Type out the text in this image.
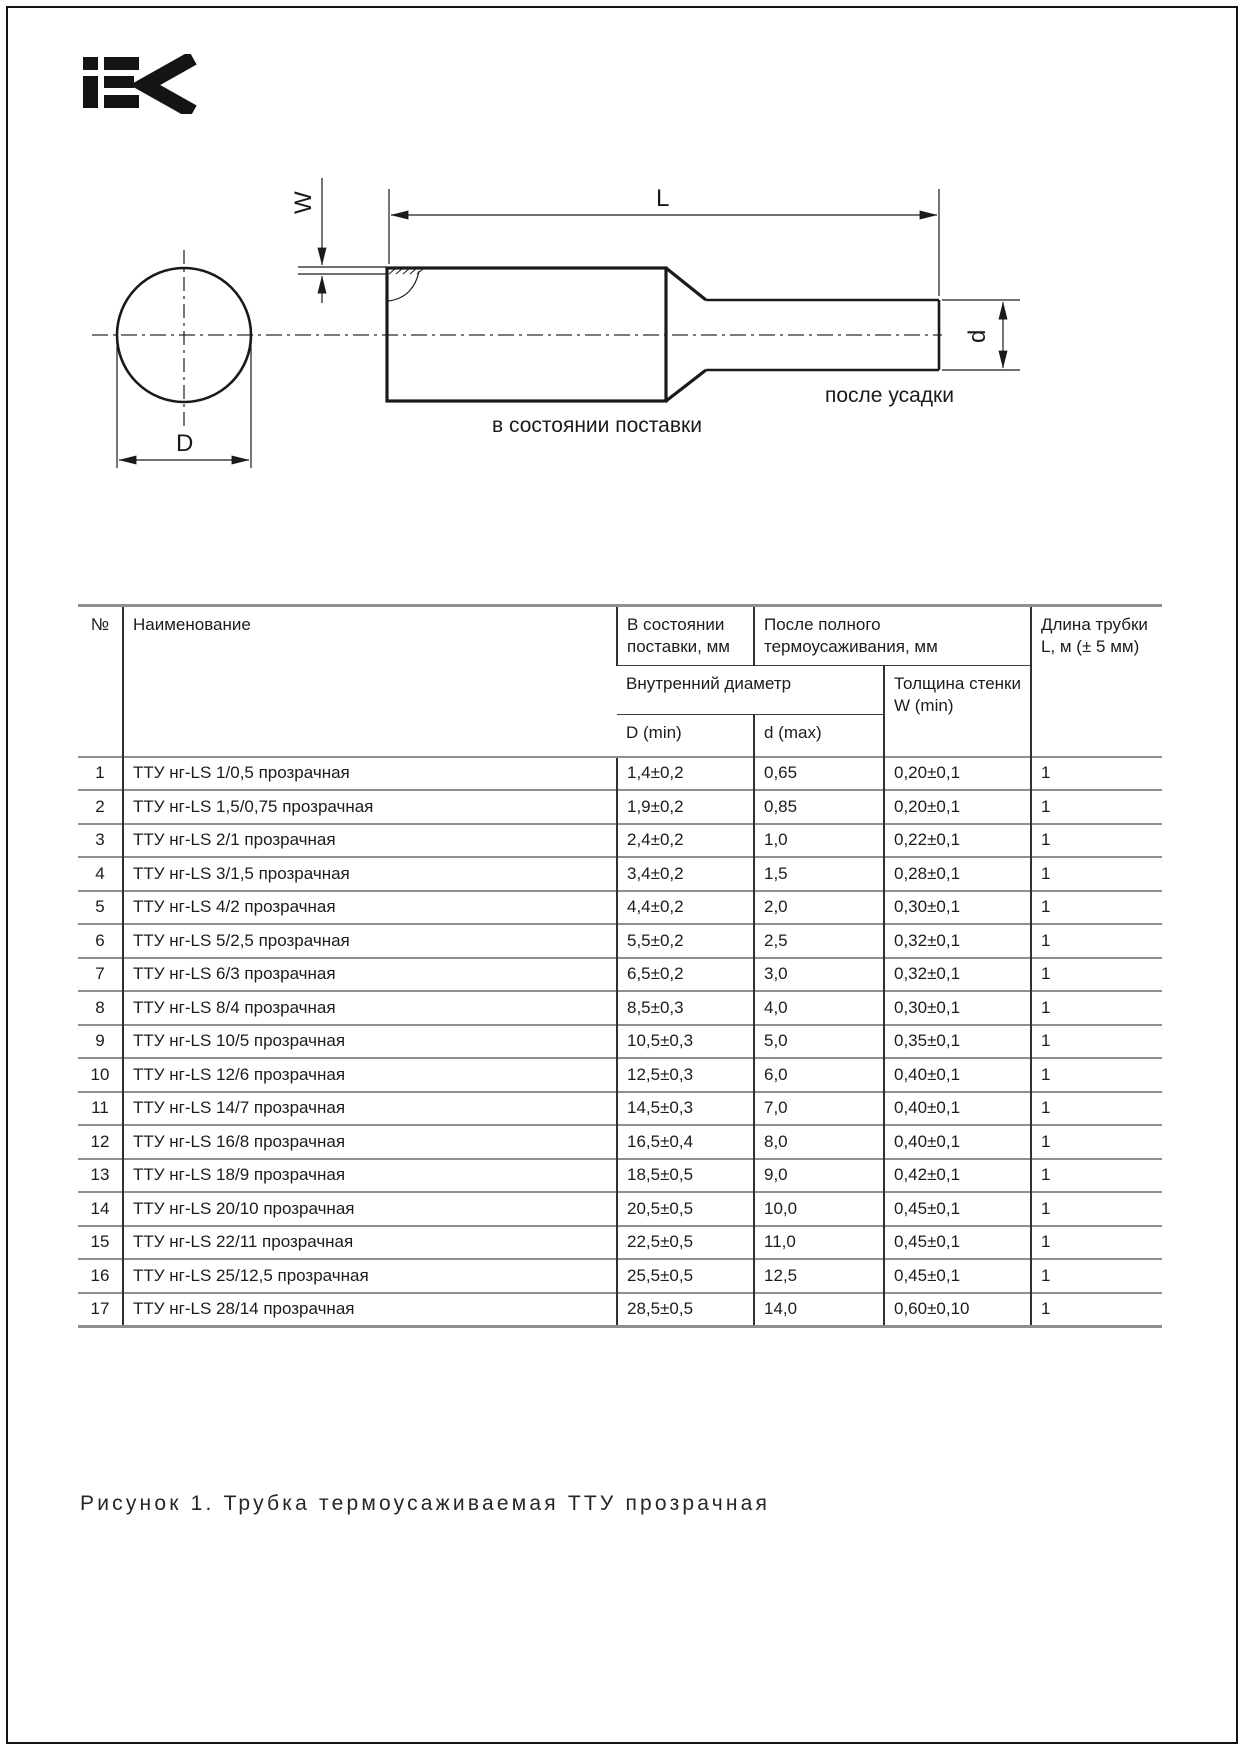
D
W	L
d
в состоянии поставки
после усадки
№	Наименование	В состоянии поставки, мм	После полного термоусаживания, мм		Длина трубки L, м (± 5 мм)
		Внутренний диаметр		Толщина стенки W (min)	
		D (min)	d (max)		
1	ТТУ нг-LS 1/0,5 прозрачная	1,4±0,2	0,65	0,20±0,1	1
2	ТТУ нг-LS 1,5/0,75 прозрачная	1,9±0,2	0,85	0,20±0,1	1
3	ТТУ нг-LS 2/1 прозрачная	2,4±0,2	1,0	0,22±0,1	1
4	ТТУ нг-LS 3/1,5 прозрачная	3,4±0,2	1,5	0,28±0,1	1
5	ТТУ нг-LS 4/2 прозрачная	4,4±0,2	2,0	0,30±0,1	1
6	ТТУ нг-LS 5/2,5 прозрачная	5,5±0,2	2,5	0,32±0,1	1
7	ТТУ нг-LS 6/3 прозрачная	6,5±0,2	3,0	0,32±0,1	1
8	ТТУ нг-LS 8/4 прозрачная	8,5±0,3	4,0	0,30±0,1	1
9	ТТУ нг-LS 10/5 прозрачная	10,5±0,3	5,0	0,35±0,1	1
10	ТТУ нг-LS 12/6 прозрачная	12,5±0,3	6,0	0,40±0,1	1
11	ТТУ нг-LS 14/7 прозрачная	14,5±0,3	7,0	0,40±0,1	1
12	ТТУ нг-LS 16/8 прозрачная	16,5±0,4	8,0	0,40±0,1	1
13	ТТУ нг-LS 18/9 прозрачная	18,5±0,5	9,0	0,42±0,1	1
14	ТТУ нг-LS 20/10 прозрачная	20,5±0,5	10,0	0,45±0,1	1
15	ТТУ нг-LS 22/11 прозрачная	22,5±0,5	11,0	0,45±0,1	1
16	ТТУ нг-LS 25/12,5 прозрачная	25,5±0,5	12,5	0,45±0,1	1
17	ТТУ нг-LS 28/14 прозрачная	28,5±0,5	14,0	0,60±0,10	1
Рисунок 1. Трубка термоусаживаемая ТТУ прозрачная
